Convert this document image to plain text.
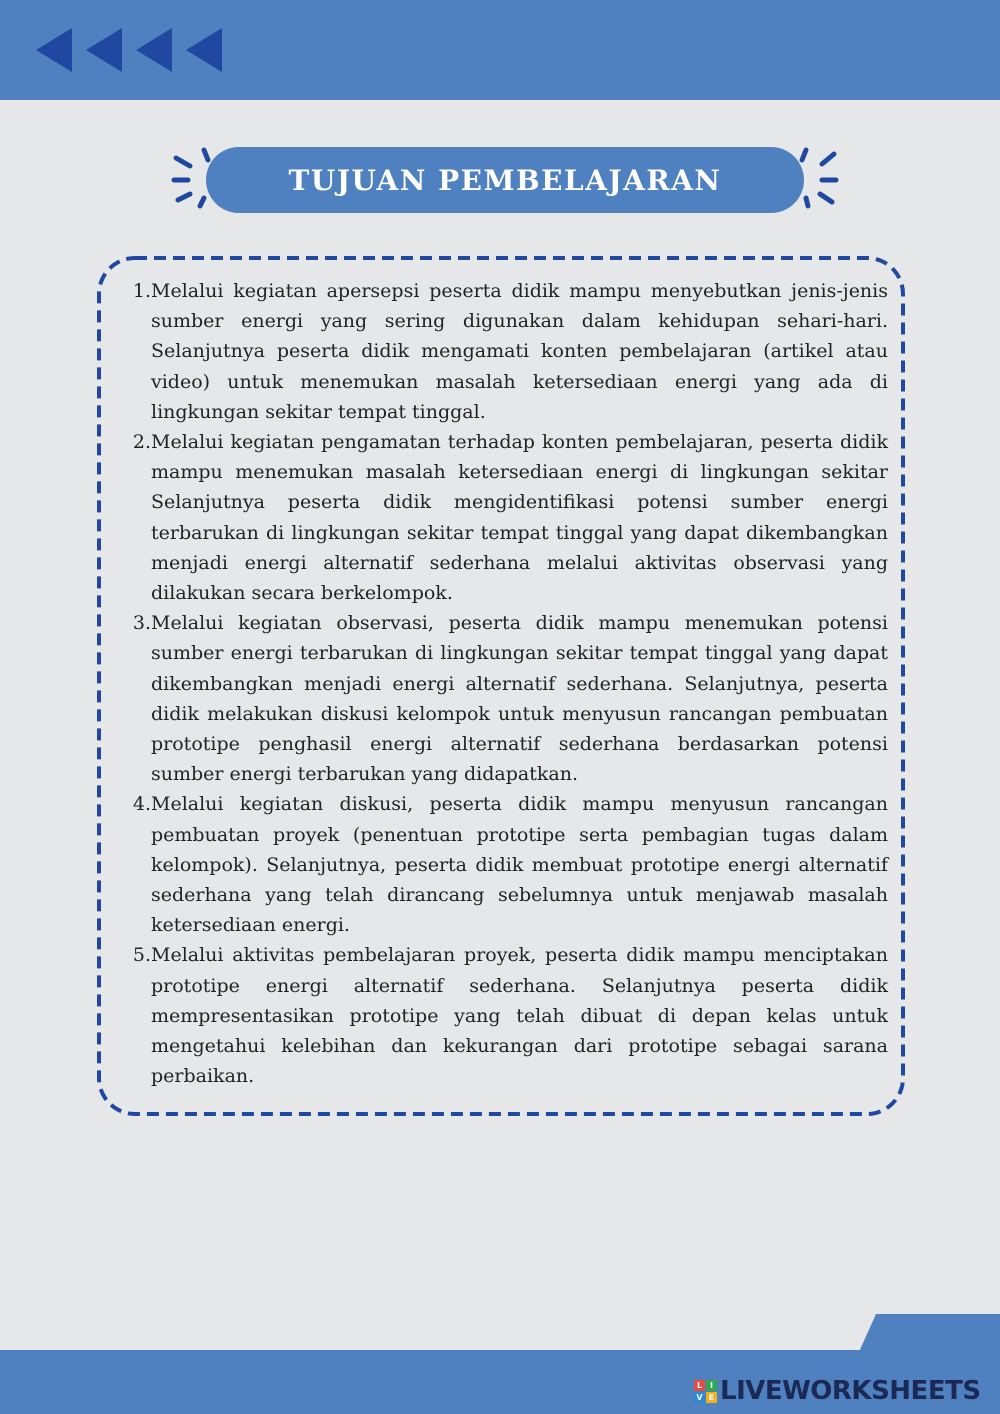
TUJUAN PEMBELAJARAN
1. Melalui kegiatan apersepsi peserta didik mampu menyebutkan jenis-jenis sumber energi yang sering digunakan dalam kehidupan sehari-hari. Selanjutnya peserta didik mengamati konten pembelajaran (artikel atau video) untuk menemukan masalah ketersediaan energi yang ada di lingkungan sekitar tempat tinggal.
2. Melalui kegiatan pengamatan terhadap konten pembelajaran, peserta didik mampu menemukan masalah ketersediaan energi di lingkungan sekitar Selanjutnya peserta didik mengidentifikasi potensi sumber energi terbarukan di lingkungan sekitar tempat tinggal yang dapat dikembangkan menjadi energi alternatif sederhana melalui aktivitas observasi yang dilakukan secara berkelompok.
3. Melalui kegiatan observasi, peserta didik mampu menemukan potensi sumber energi terbarukan di lingkungan sekitar tempat tinggal yang dapat dikembangkan menjadi energi alternatif sederhana. Selanjutnya, peserta didik melakukan diskusi kelompok untuk menyusun rancangan pembuatan prototipe penghasil energi alternatif sederhana berdasarkan potensi sumber energi terbarukan yang didapatkan.
4. Melalui kegiatan diskusi, peserta didik mampu menyusun rancangan pembuatan proyek (penentuan prototipe serta pembagian tugas dalam kelompok). Selanjutnya, peserta didik membuat prototipe energi alternatif sederhana yang telah dirancang sebelumnya untuk menjawab masalah ketersediaan energi.
5. Melalui aktivitas pembelajaran proyek, peserta didik mampu menciptakan prototipe energi alternatif sederhana. Selanjutnya peserta didik mempresentasikan prototipe yang telah dibuat di depan kelas untuk mengetahui kelebihan dan kekurangan dari prototipe sebagai sarana perbaikan.
L I
V E LIVEWORKSHEETS
